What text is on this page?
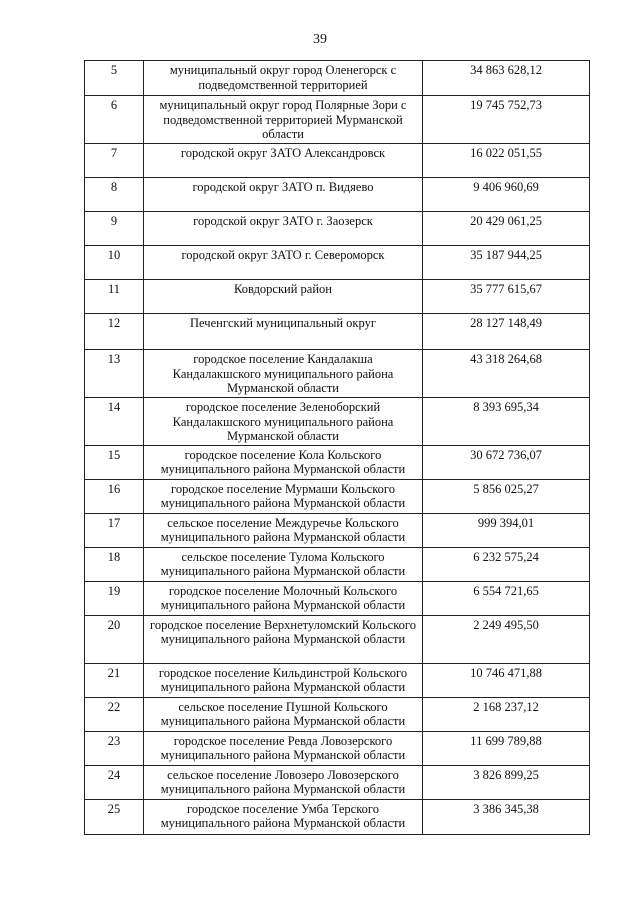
39
5	муниципальный округ город Оленегорск с подведомственной территорией	34 863 628,12
6	муниципальный округ город Полярные Зори с подведомственной территорией Мурманской области	19 745 752,73
7	городской округ ЗАТО Александровск	16 022 051,55
8	городской округ ЗАТО п. Видяево	9 406 960,69
9	городской округ ЗАТО г. Заозерск	20 429 061,25
10	городской округ ЗАТО г. Североморск	35 187 944,25
11	Ковдорский район	35 777 615,67
12	Печенгский муниципальный округ	28 127 148,49
13	городское поселение Кандалакша Кандалакшского муниципального района Мурманской области	43 318 264,68
14	городское поселение Зеленоборский Кандалакшского муниципального района Мурманской области	8 393 695,34
15	городское поселение Кола Кольского муниципального района Мурманской области	30 672 736,07
16	городское поселение Мурмаши Кольского муниципального района Мурманской области	5 856 025,27
17	сельское поселение Междуречье Кольского муниципального района Мурманской области	999 394,01
18	сельское поселение Тулома Кольского муниципального района Мурманской области	6 232 575,24
19	городское поселение Молочный Кольского муниципального района Мурманской области	6 554 721,65
20	городское поселение Верхнетуломский Кольского муниципального района Мурманской области	2 249 495,50
21	городское поселение Кильдинстрой Кольского муниципального района Мурманской области	10 746 471,88
22	сельское поселение Пушной Кольского муниципального района Мурманской области	2 168 237,12
23	городское поселение Ревда Ловозерского муниципального района Мурманской области	11 699 789,88
24	сельское поселение Ловозеро Ловозерского муниципального района Мурманской области	3 826 899,25
25	городское поселение Умба Терского муниципального района Мурманской области	3 386 345,38
